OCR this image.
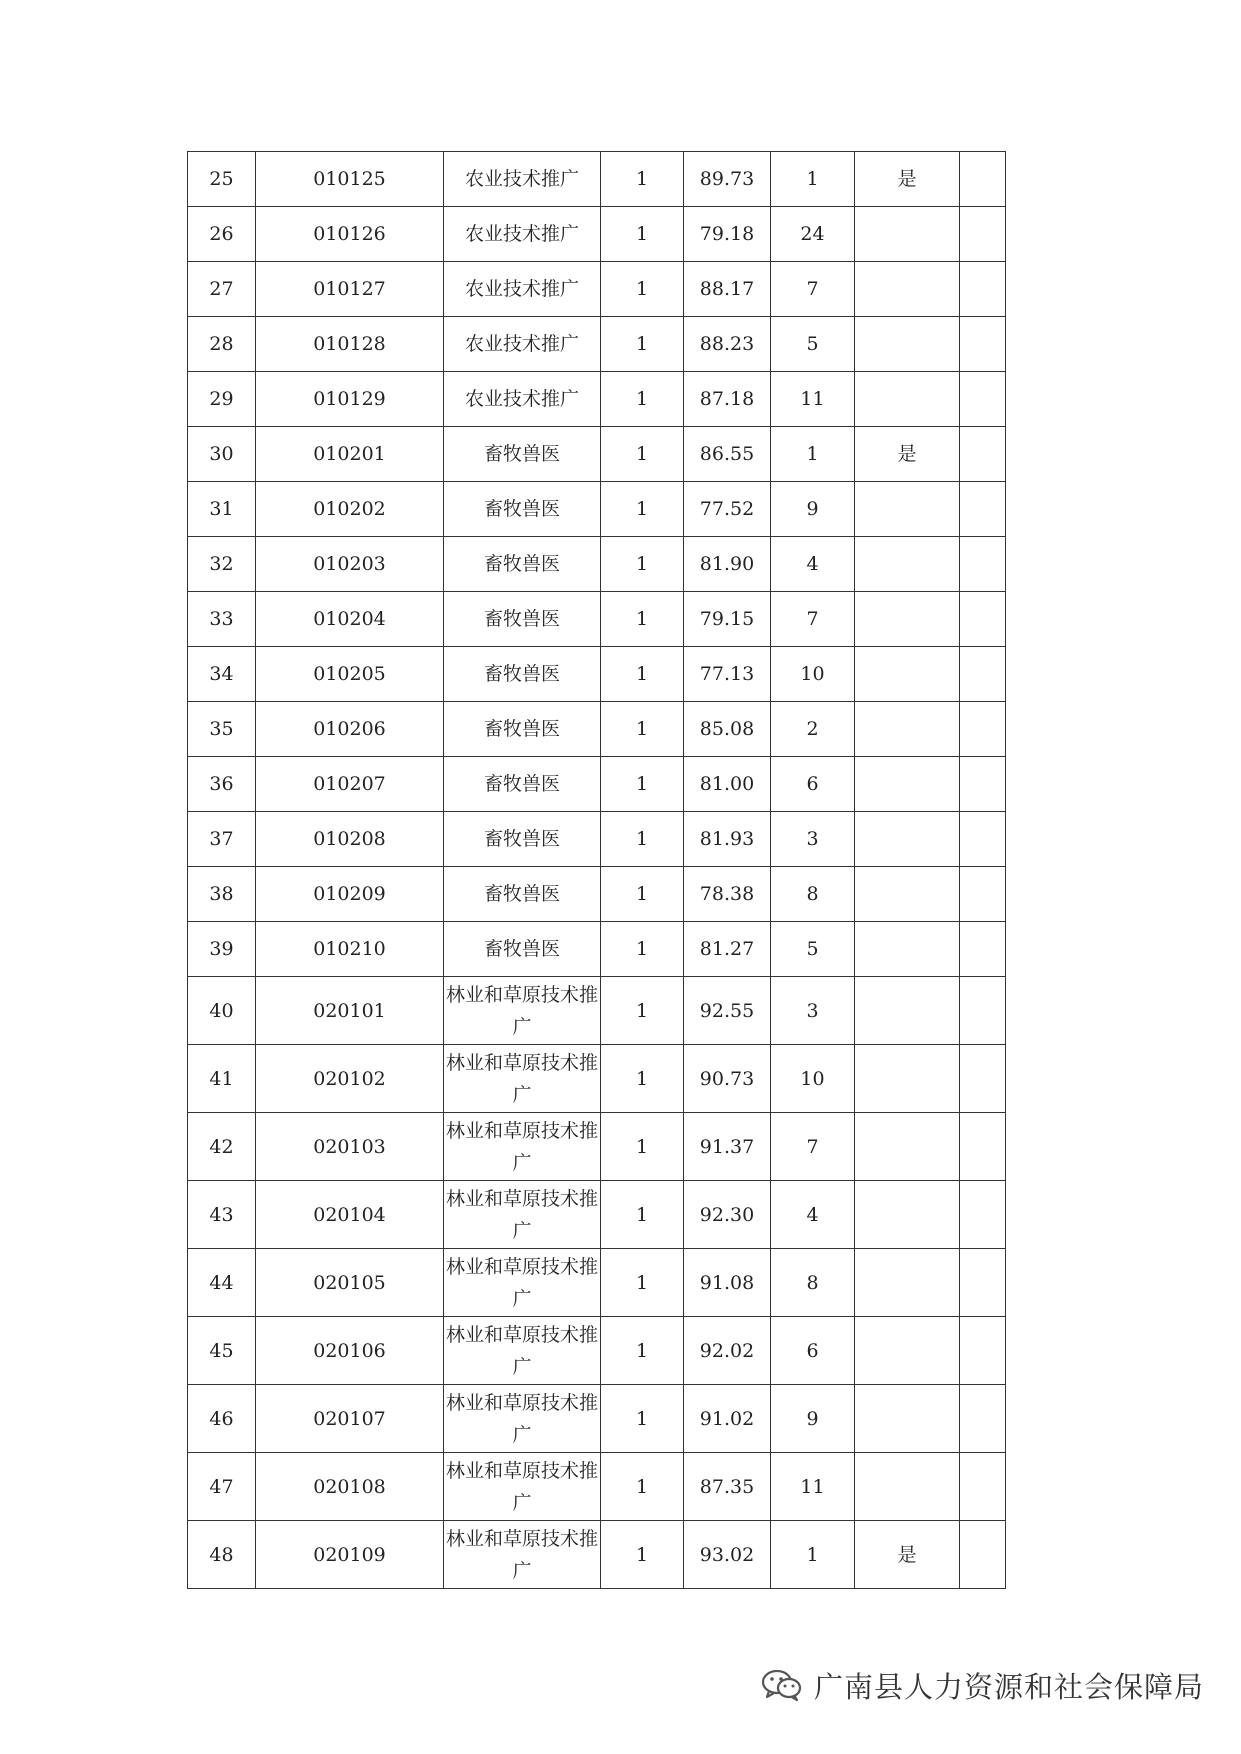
25	010125	农业技术推广	1	89.73	1	是	
26	010126	农业技术推广	1	79.18	24		
27	010127	农业技术推广	1	88.17	7		
28	010128	农业技术推广	1	88.23	5		
29	010129	农业技术推广	1	87.18	11		
30	010201	畜牧兽医	1	86.55	1	是	
31	010202	畜牧兽医	1	77.52	9		
32	010203	畜牧兽医	1	81.90	4		
33	010204	畜牧兽医	1	79.15	7		
34	010205	畜牧兽医	1	77.13	10		
35	010206	畜牧兽医	1	85.08	2		
36	010207	畜牧兽医	1	81.00	6		
37	010208	畜牧兽医	1	81.93	3		
38	010209	畜牧兽医	1	78.38	8		
39	010210	畜牧兽医	1	81.27	5		
40	020101	林业和草原技术推广	1	92.55	3		
41	020102	林业和草原技术推广	1	90.73	10		
42	020103	林业和草原技术推广	1	91.37	7		
43	020104	林业和草原技术推广	1	92.30	4		
44	020105	林业和草原技术推广	1	91.08	8		
45	020106	林业和草原技术推广	1	92.02	6		
46	020107	林业和草原技术推广	1	91.02	9		
47	020108	林业和草原技术推广	1	87.35	11		
48	020109	林业和草原技术推广	1	93.02	1	是	
广南县人力资源和社会保障局
